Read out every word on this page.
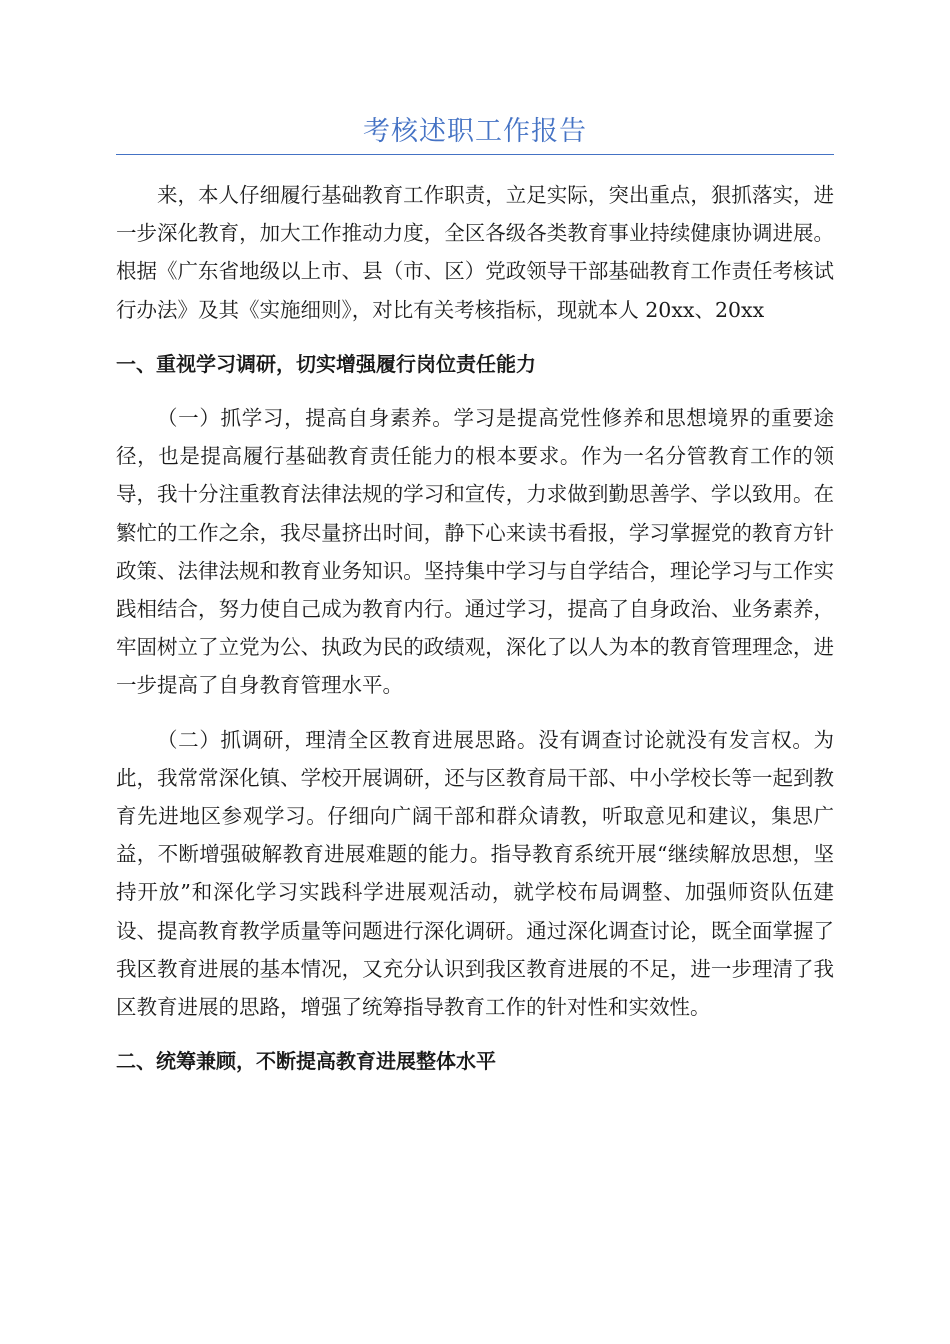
考核述职工作报告

来，本人仔细履行基础教育工作职责，立足实际，突出重点，狠抓落实，进一步深化教育，加大工作推动力度，全区各级各类教育事业持续健康协调进展。根据《广东省地级以上市、县（市、区）党政领导干部基础教育工作责任考核试行办法》及其《实施细则》，对比有关考核指标，现就本人 20xx、20xx

一、重视学习调研，切实增强履行岗位责任能力

（一）抓学习，提高自身素养。学习是提高党性修养和思想境界的重要途径，也是提高履行基础教育责任能力的根本要求。作为一名分管教育工作的领导，我十分注重教育法律法规的学习和宣传，力求做到勤思善学、学以致用。在繁忙的工作之余，我尽量挤出时间，静下心来读书看报，学习掌握党的教育方针政策、法律法规和教育业务知识。坚持集中学习与自学结合，理论学习与工作实践相结合，努力使自己成为教育内行。通过学习，提高了自身政治、业务素养，牢固树立了立党为公、执政为民的政绩观，深化了以人为本的教育管理理念，进一步提高了自身教育管理水平。

（二）抓调研，理清全区教育进展思路。没有调查讨论就没有发言权。为此，我常常深化镇、学校开展调研，还与区教育局干部、中小学校长等一起到教育先进地区参观学习。仔细向广阔干部和群众请教，听取意见和建议，集思广益，不断增强破解教育进展难题的能力。指导教育系统开展“继续解放思想，坚持开放”和深化学习实践科学进展观活动，就学校布局调整、加强师资队伍建设、提高教育教学质量等问题进行深化调研。通过深化调查讨论，既全面掌握了我区教育进展的基本情况，又充分认识到我区教育进展的不足，进一步理清了我区教育进展的思路，增强了统筹指导教育工作的针对性和实效性。

二、统筹兼顾，不断提高教育进展整体水平
